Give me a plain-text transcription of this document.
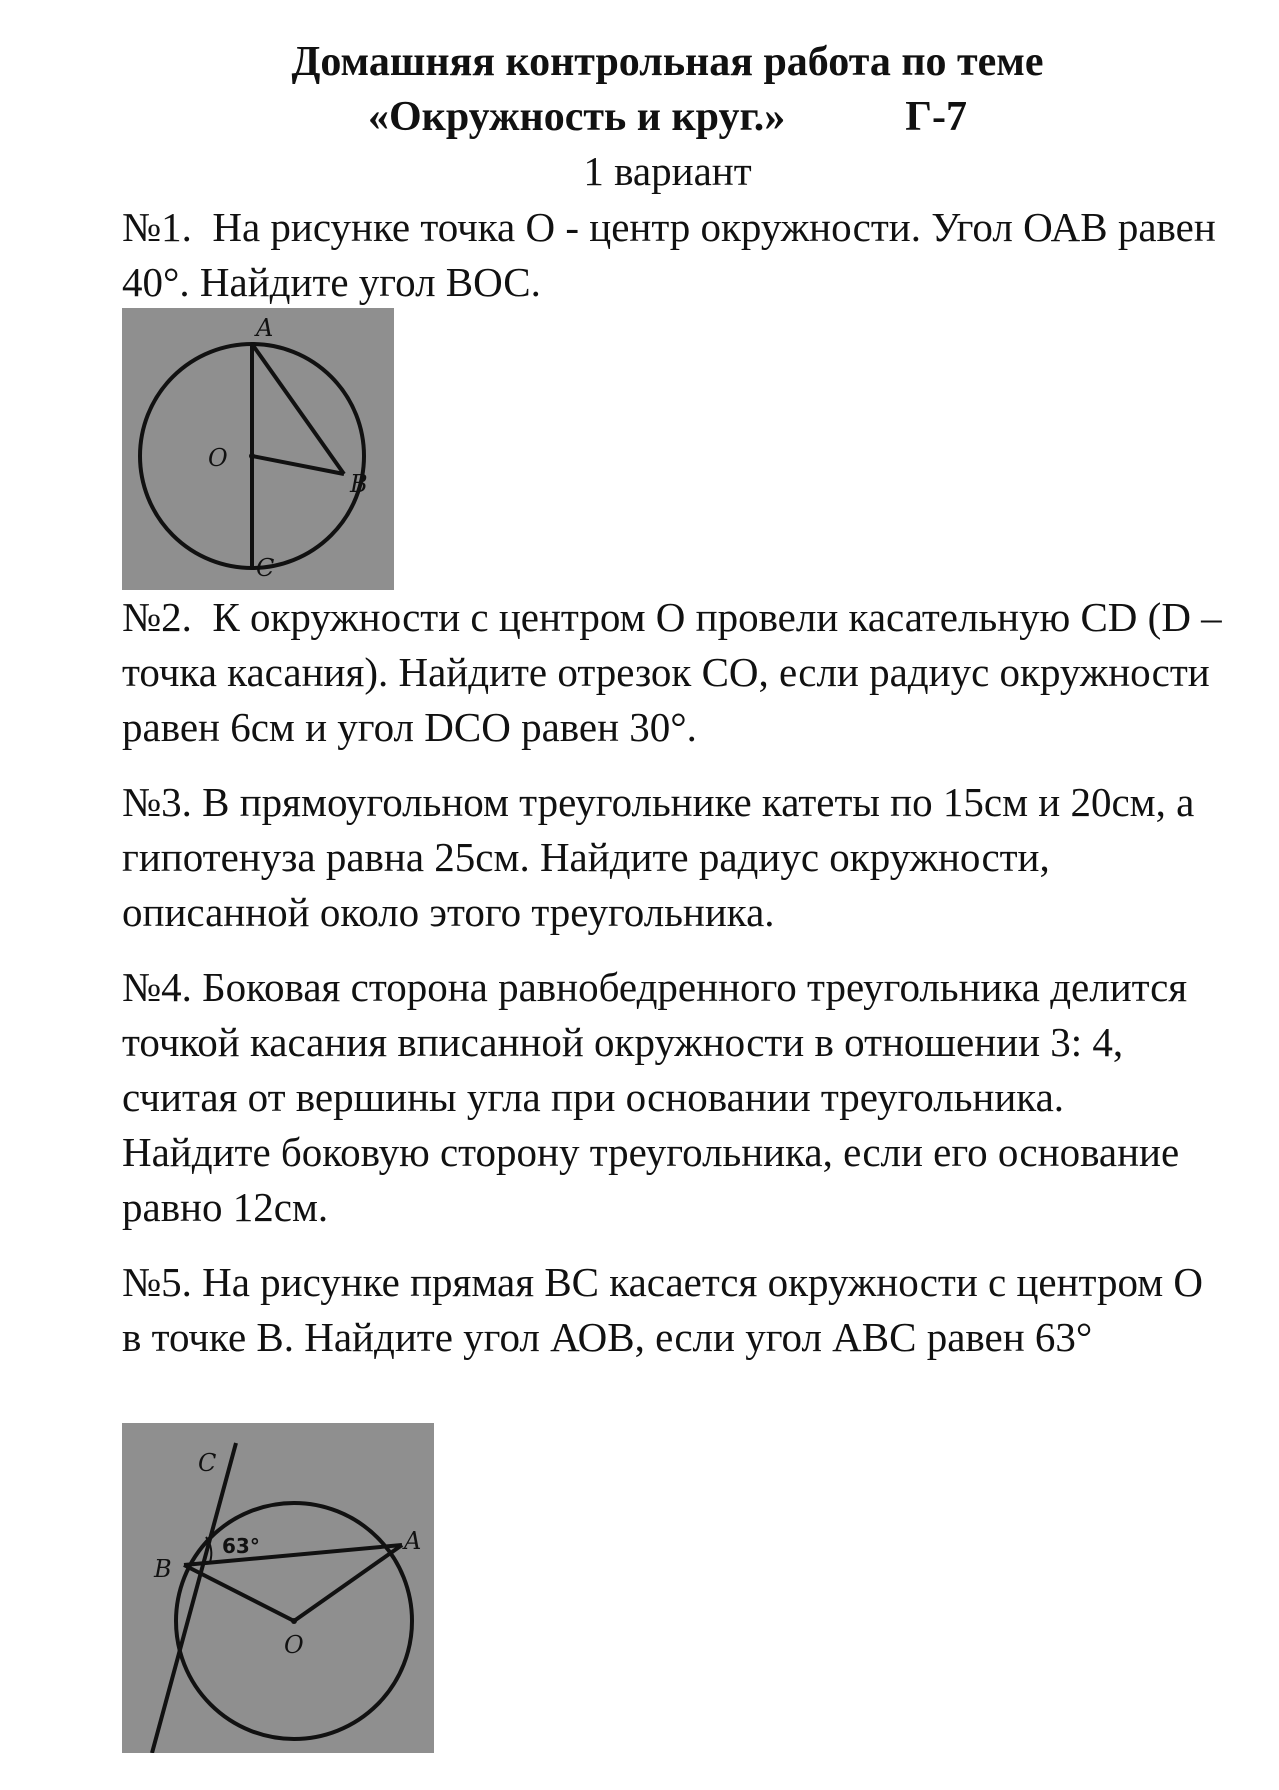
Домашняя контрольная работа по теме
«Окружность и круг.»	Г-7

1 вариант

№1. На рисунке точка О - центр окружности. Угол ОАВ равен 40°. Найдите угол ВОС.

A
O
B
C

№2. К окружности с центром О провели касательную CD (D – точка касания). Найдите отрезок СО, если радиус окружности равен 6см и угол DCO равен 30°.

№3. В прямоугольном треугольнике катеты по 15см и 20см, а гипотенуза равна 25см. Найдите радиус окружности, описанной около этого треугольника.

№4. Боковая сторона равнобедренного треугольника делится точкой касания вписанной окружности в отношении 3: 4, считая от вершины угла при основании треугольника. Найдите боковую сторону треугольника, если его основание равно 12см.

№5. На рисунке прямая ВС касается окружности с центром О в точке В. Найдите угол АОВ, если угол АВС равен 63°

C
B
A
O
63°
